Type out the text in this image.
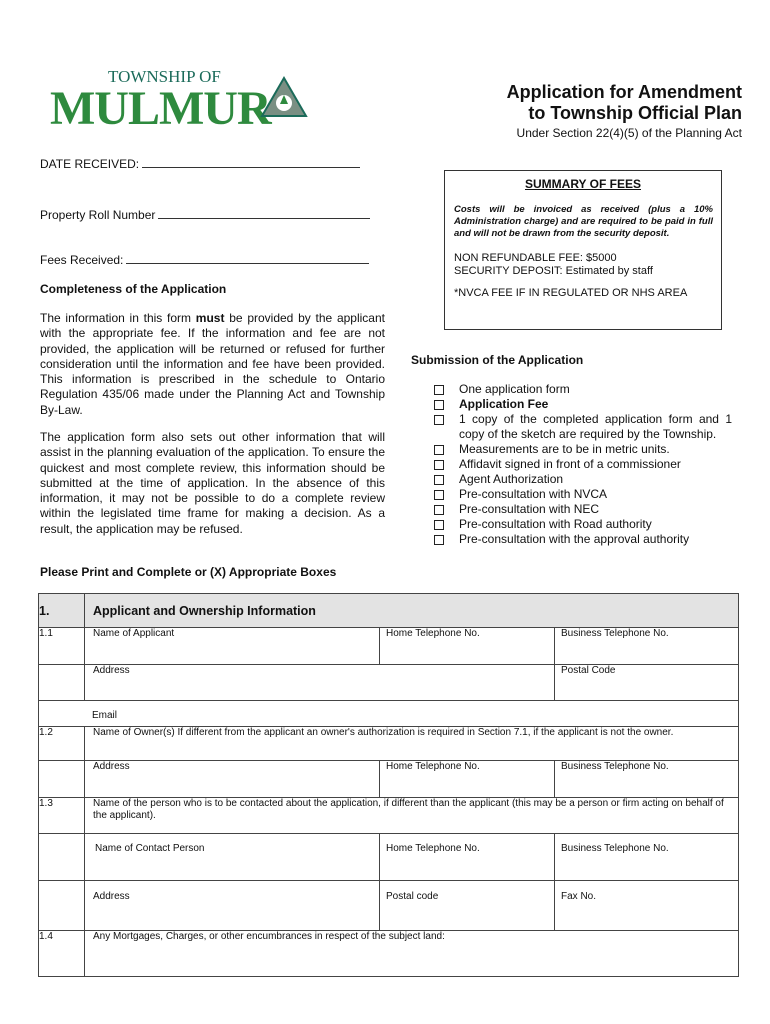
TOWNSHIP OF
MULMUR	Application for Amendment
to Township Official Plan
Under Section 22(4)(5) of the Planning Act
DATE RECEIVED:
Property Roll Number
Fees Received:
SUMMARY OF FEES
Costs will be invoiced as received (plus a 10% Administration charge) and are required to be paid in full and will not be drawn from the security deposit.
NON REFUNDABLE FEE: $5000
SECURITY DEPOSIT: Estimated by staff
*NVCA FEE IF IN REGULATED OR NHS AREA
Completeness of the Application
The information in this form must be provided by the applicant with the appropriate fee. If the information and fee are not provided, the application will be returned or refused for further consideration until the information and fee have been provided. This information is prescribed in the schedule to Ontario Regulation 435/06 made under the Planning Act and Township By-Law.
The application form also sets out other information that will assist in the planning evaluation of the application. To ensure the quickest and most complete review, this information should be submitted at the time of application. In the absence of this information, it may not be possible to do a complete review within the legislated time frame for making a decision. As a result, the application may be refused.
Submission of the Application
One application form
Application Fee
1 copy of the completed application form and 1 copy of the sketch are required by the Township.
Measurements are to be in metric units.
Affidavit signed in front of a commissioner
Agent Authorization
Pre-consultation with NVCA
Pre-consultation with NEC
Pre-consultation with Road authority
Pre-consultation with the approval authority
Please Print and Complete or (X) Appropriate Boxes
1.	Applicant and Ownership Information		
1.1	Name of Applicant	Home Telephone No.	Business Telephone No.
	Address		Postal Code
Email			
1.2	Name of Owner(s) If different from the applicant an owner's authorization is required in Section 7.1, if the applicant is not the owner.		
	Address	Home Telephone No.	Business Telephone No.
1.3	Name of the person who is to be contacted about the application, if different than the applicant (this may be a person or firm acting on behalf of the applicant).		
	Name of Contact Person	Home Telephone No.	Business Telephone No.
	Address	Postal code	Fax No.
1.4	Any Mortgages, Charges, or other encumbrances in respect of the subject land:		
